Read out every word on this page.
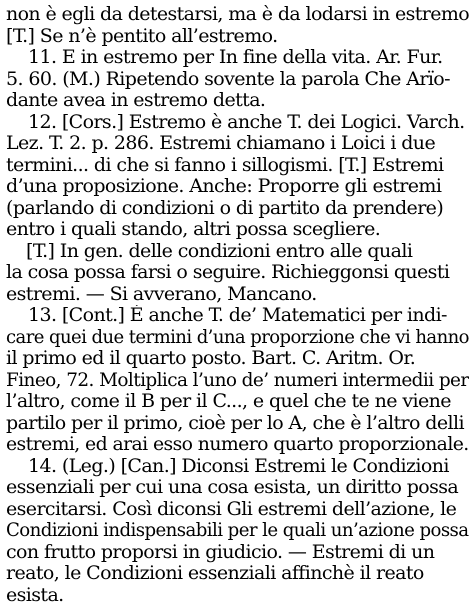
non è egli da detestarsi, ma è da lodarsi in estremo
[T.] Se n’è pentito all’estremo.
11. E in estremo per In fine della vita. Ar. Fur.
5. 60. (M.) Ripetendo sovente la parola Che Arïo-
dante avea in estremo detta.
12. [Cors.] Estremo è anche T. dei Logici. Varch.
Lez. T. 2. p. 286. Estremi chiamano i Loici i due
termini... di che si fanno i sillogismi. [T.] Estremi
d’una proposizione. Anche: Proporre gli estremi
(parlando di condizioni o di partito da prendere)
entro i quali stando, altri possa scegliere.
[T.] In gen. delle condizioni entro alle quali
la cosa possa farsi o seguire. Richieggonsi questi
estremi. — Si avverano, Mancano.
13. [Cont.] È anche T. de’ Matematici per indi-
care quei due termini d’una proporzione che vi hanno
il primo ed il quarto posto. Bart. C. Aritm. Or.
Fineo, 72. Moltiplica l’uno de’ numeri intermedii per
l’altro, come il B per il C..., e quel che te ne viene
partilo per il primo, cioè per lo A, che è l’altro delli
estremi, ed arai esso numero quarto proporzionale.
14. (Leg.) [Can.] Diconsi Estremi le Condizioni
essenziali per cui una cosa esista, un diritto possa
esercitarsi. Così diconsi Gli estremi dell’azione, le
Condizioni indispensabili per le quali un’azione possa
con frutto proporsi in giudicio. — Estremi di un
reato, le Condizioni essenziali affinchè il reato
esista.
